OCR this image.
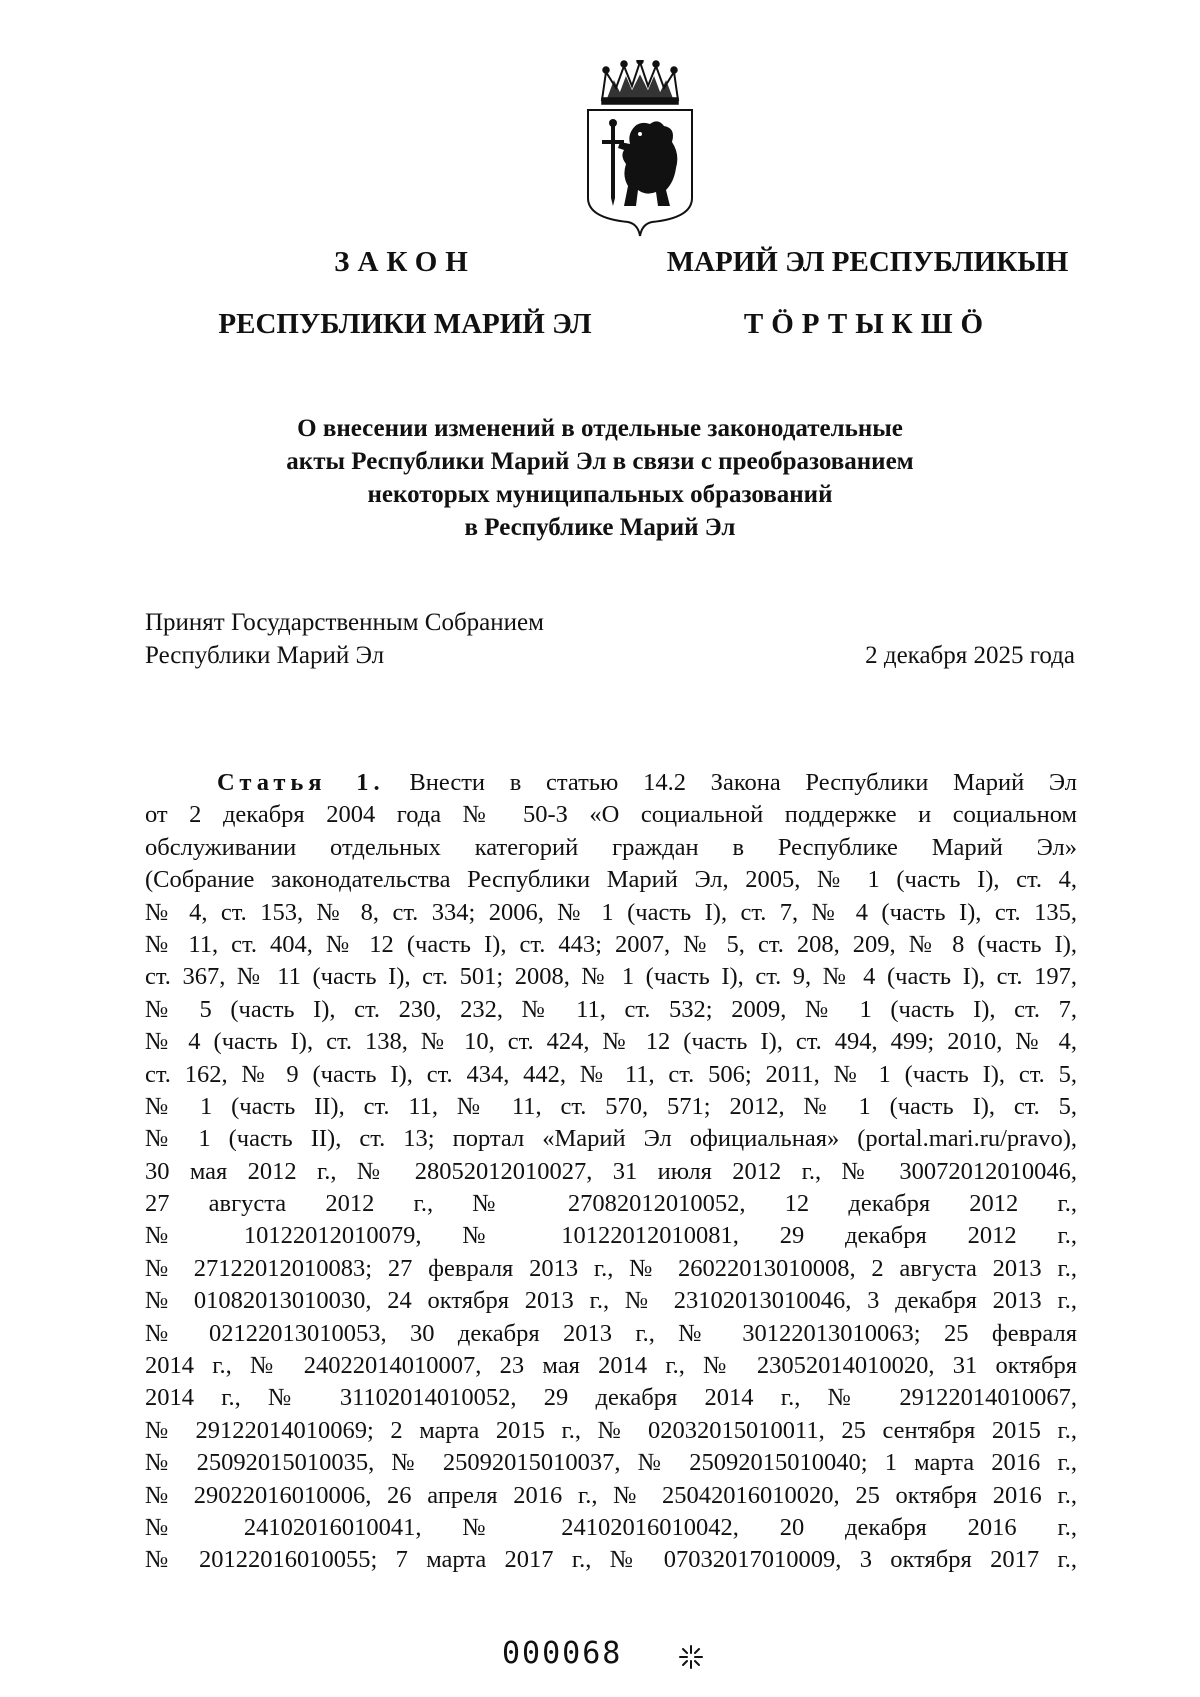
ЗАКОН	МАРИЙ ЭЛ РЕСПУБЛИКЫН
РЕСПУБЛИКИ МАРИЙ ЭЛ	ТӦРТЫКШӦ
О внесении изменений в отдельные законодательные
акты Республики Марий Эл в связи с преобразованием
некоторых муниципальных образований
в Республике Марий Эл
Принят Государственным Собранием
Республики Марий Эл	2 декабря 2025 года
Статья 1. Внести в статью 14.2 Закона Республики Марий Эл
от 2 декабря 2004 года № 50-З «О социальной поддержке и социальном
обслуживании отдельных категорий граждан в Республике Марий Эл»
(Собрание законодательства Республики Марий Эл, 2005, № 1 (часть I), ст. 4,
№ 4, ст. 153, № 8, ст. 334; 2006, № 1 (часть I), ст. 7, № 4 (часть I), ст. 135,
№ 11, ст. 404, № 12 (часть I), ст. 443; 2007, № 5, ст. 208, 209, № 8 (часть I),
ст. 367, № 11 (часть I), ст. 501; 2008, № 1 (часть I), ст. 9, № 4 (часть I), ст. 197,
№ 5 (часть I), ст. 230, 232, № 11, ст. 532; 2009, № 1 (часть I), ст. 7,
№ 4 (часть I), ст. 138, № 10, ст. 424, № 12 (часть I), ст. 494, 499; 2010, № 4,
ст. 162, № 9 (часть I), ст. 434, 442, № 11, ст. 506; 2011, № 1 (часть I), ст. 5,
№ 1 (часть II), ст. 11, № 11, ст. 570, 571; 2012, № 1 (часть I), ст. 5,
№ 1 (часть II), ст. 13; портал «Марий Эл официальная» (portal.mari.ru/pravo),
30 мая 2012 г., № 28052012010027, 31 июля 2012 г., № 30072012010046,
27 августа 2012 г., № 27082012010052, 12 декабря 2012 г.,
№ 10122012010079, № 10122012010081, 29 декабря 2012 г.,
№ 27122012010083; 27 февраля 2013 г., № 26022013010008, 2 августа 2013 г.,
№ 01082013010030, 24 октября 2013 г., № 23102013010046, 3 декабря 2013 г.,
№ 02122013010053, 30 декабря 2013 г., № 30122013010063; 25 февраля
2014 г., № 24022014010007, 23 мая 2014 г., № 23052014010020, 31 октября
2014 г., № 31102014010052, 29 декабря 2014 г., № 29122014010067,
№ 29122014010069; 2 марта 2015 г., № 02032015010011, 25 сентября 2015 г.,
№ 25092015010035, № 25092015010037, № 25092015010040; 1 марта 2016 г.,
№ 29022016010006, 26 апреля 2016 г., № 25042016010020, 25 октября 2016 г.,
№ 24102016010041, № 24102016010042, 20 декабря 2016 г.,
№ 20122016010055; 7 марта 2017 г., № 07032017010009, 3 октября 2017 г.,
000068
